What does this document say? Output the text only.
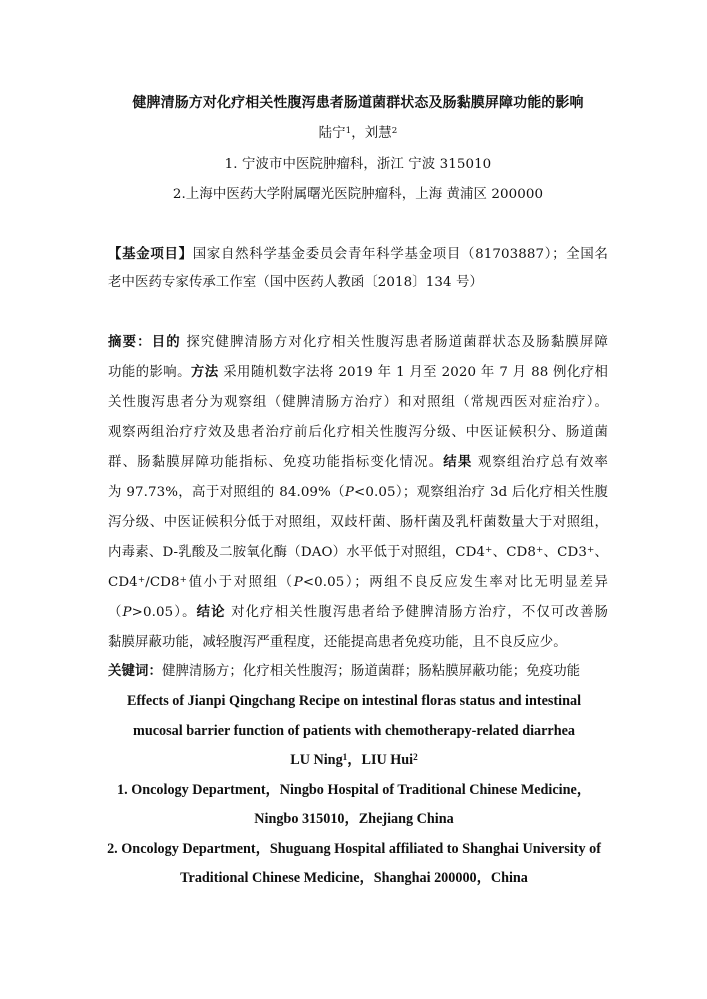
健脾清肠方对化疗相关性腹泻患者肠道菌群状态及肠黏膜屏障功能的影响
陆宁$^1$，刘慧$^2$
1. 宁波市中医院肿瘤科，浙江 宁波 315010
2.上海中医药大学附属曙光医院肿瘤科，上海 黄浦区 200000
【基金项目】国家自然科学基金委员会青年科学基金项目（81703887）；全国名
老中医药专家传承工作室（国中医药人教函〔2018〕134 号）
摘要：目的 探究健脾清肠方对化疗相关性腹泻患者肠道菌群状态及肠黏膜屏障
功能的影响。方法 采用随机数字法将 2019 年 1 月至 2020 年 7 月 88 例化疗相
关性腹泻患者分为观察组（健脾清肠方治疗）和对照组（常规西医对症治疗）。
观察两组治疗疗效及患者治疗前后化疗相关性腹泻分级、中医证候积分、肠道菌
群、肠黏膜屏障功能指标、免疫功能指标变化情况。结果 观察组治疗总有效率
为 97.73%，高于对照组的 84.09%（P<0.05）；观察组治疗 3d 后化疗相关性腹
泻分级、中医证候积分低于对照组，双歧杆菌、肠杆菌及乳杆菌数量大于对照组，
内毒素、D-乳酸及二胺氧化酶（DAO）水平低于对照组，CD4+、CD8+、CD3+、
CD4+/CD8+值小于对照组（P<0.05）；两组不良反应发生率对比无明显差异
（P>0.05）。结论 对化疗相关性腹泻患者给予健脾清肠方治疗，不仅可改善肠
黏膜屏蔽功能，减轻腹泻严重程度，还能提高患者免疫功能，且不良反应少。
关键词：健脾清肠方；化疗相关性腹泻；肠道菌群；肠粘膜屏蔽功能；免疫功能
Effects of Jianpi Qingchang Recipe on intestinal floras status and intestinal
mucosal barrier function of patients with chemotherapy-related diarrhea
LU Ning$^1$，LIU Hui$^2$
1. Oncology Department，Ningbo Hospital of Traditional Chinese Medicine，
Ningbo 315010，Zhejiang China
2. Oncology Department，Shuguang Hospital affiliated to Shanghai University of
Traditional Chinese Medicine，Shanghai 200000，China
